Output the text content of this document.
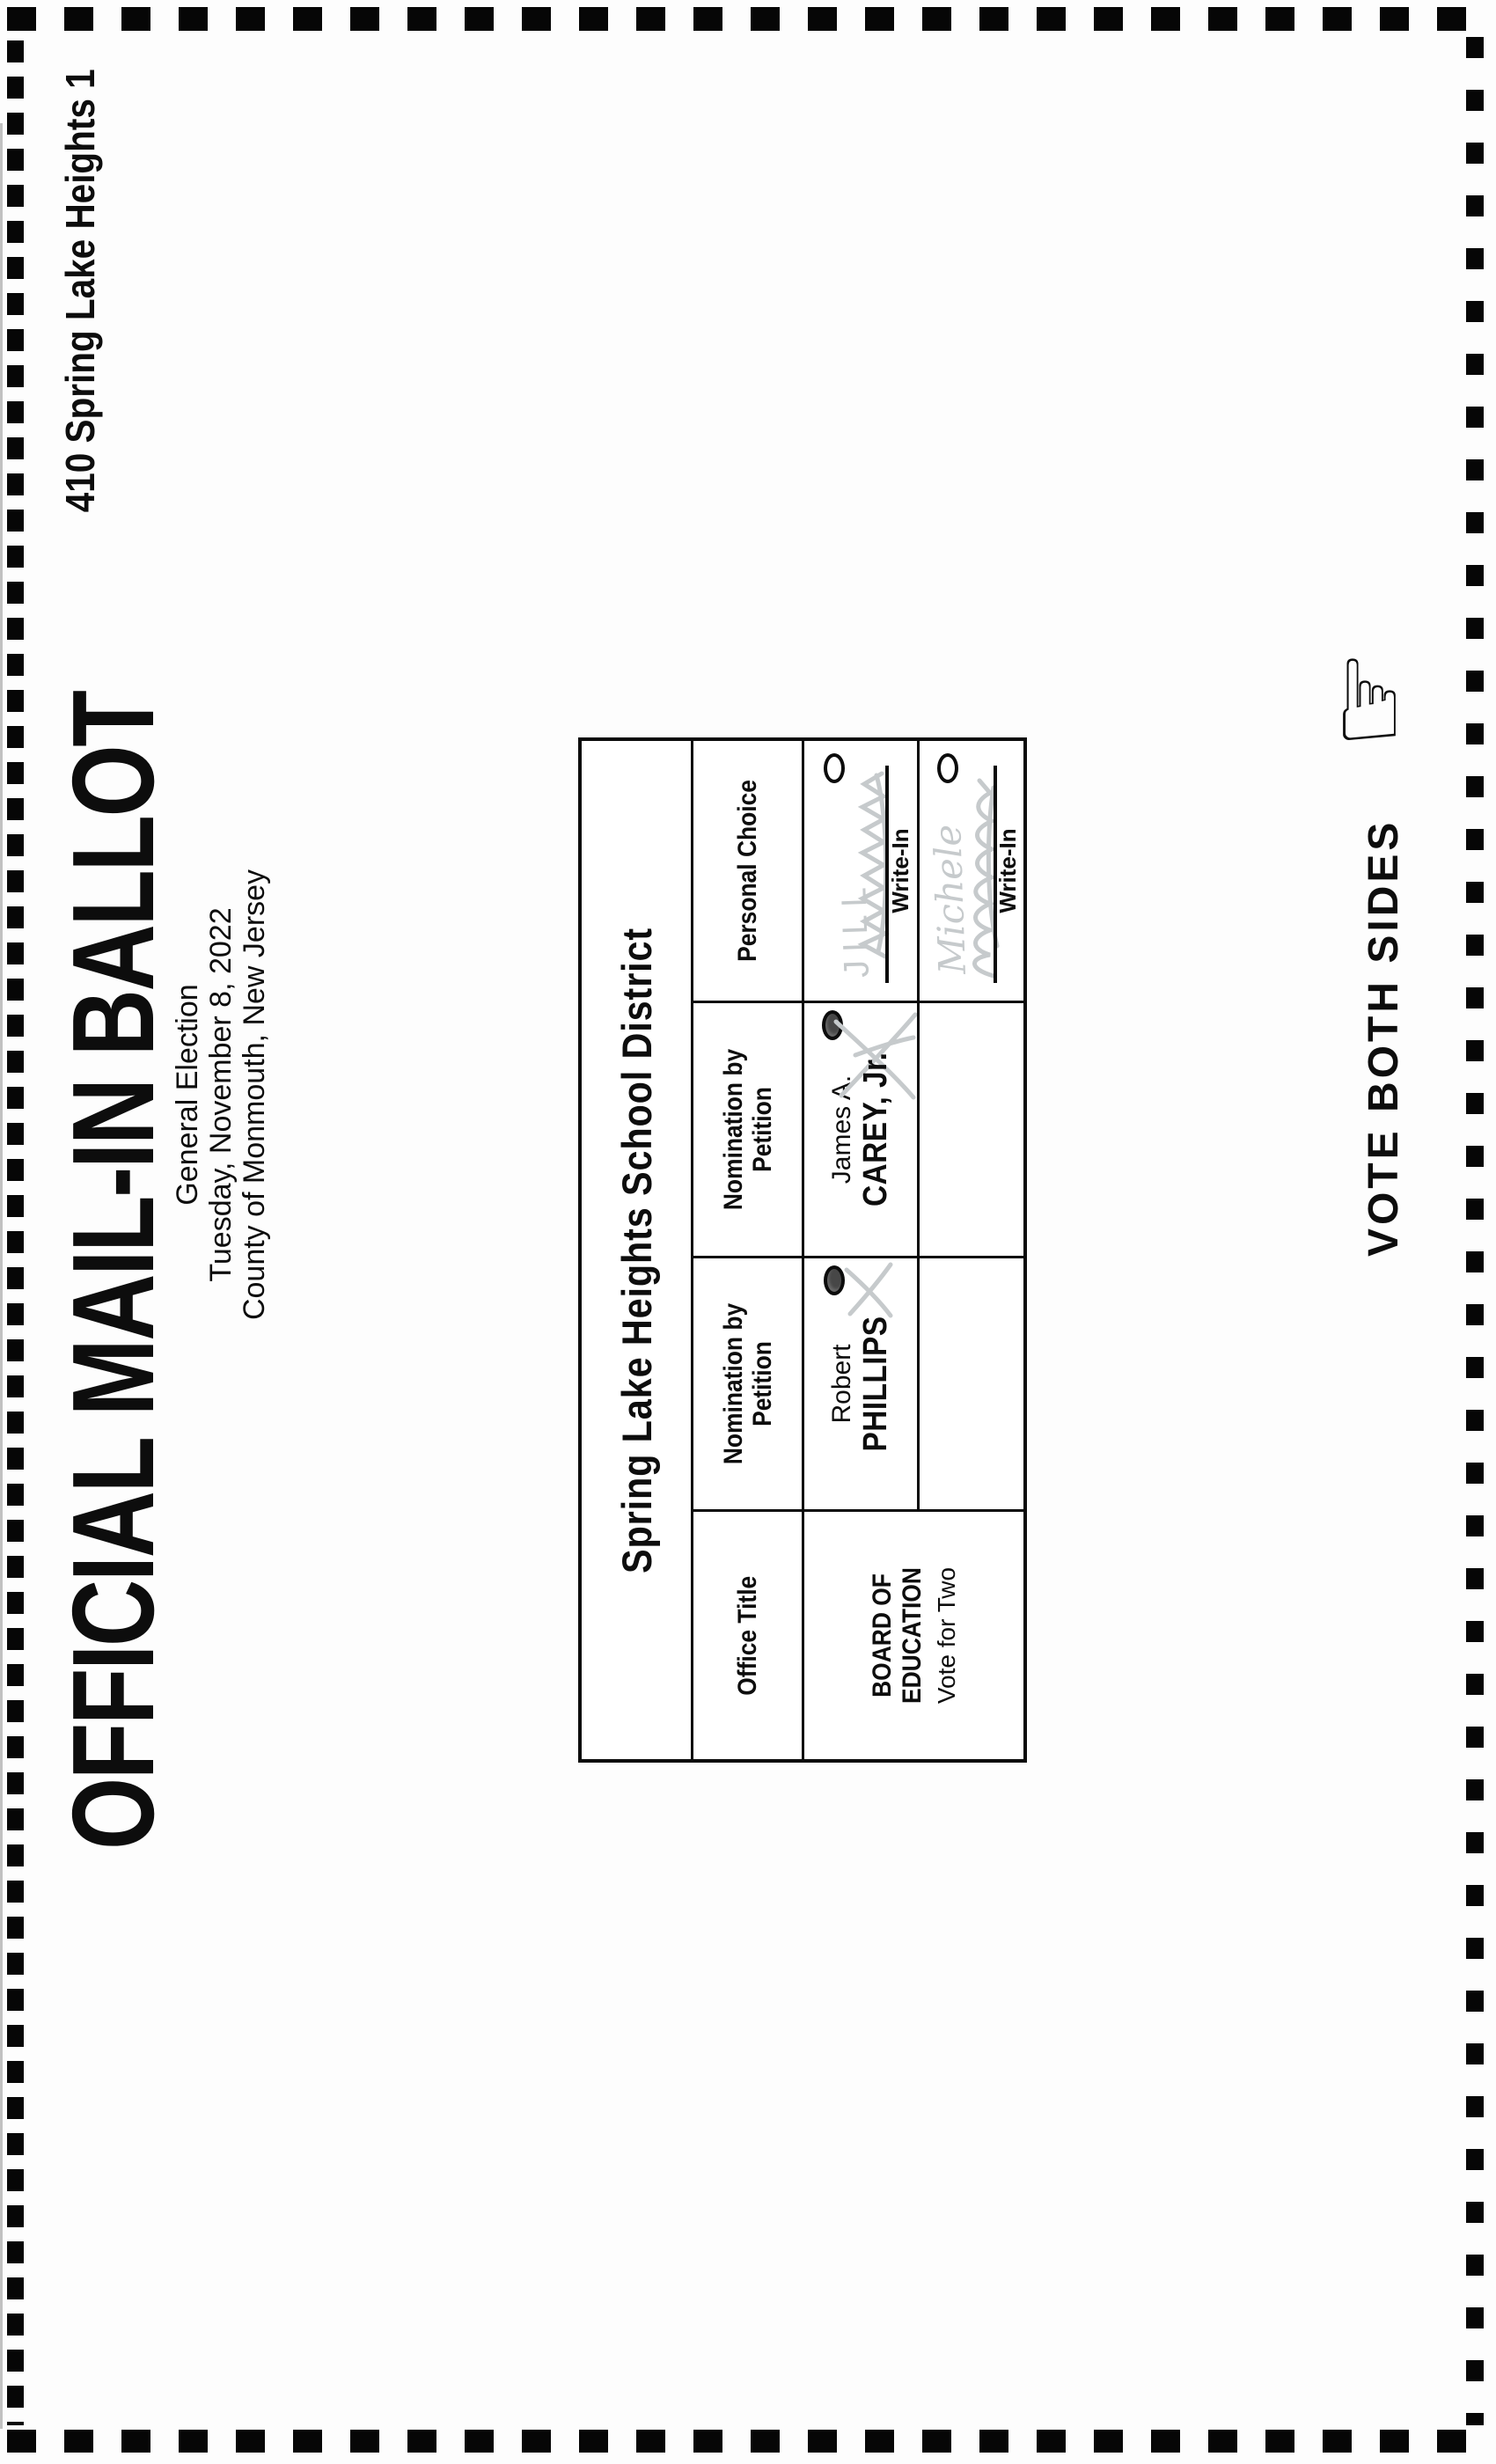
410 Spring Lake Heights 1
OFFICIAL MAIL-IN BALLOT
General Election Tuesday, November 8, 2022 County of Monmouth, New Jersey	Spring Lake Heights School District
Office Title
Nomination by Petition
Nomination by Petition
Personal Choice
BOARD OF EDUCATION Vote for Two
Robert PHILLIPS
James A. CAREY, Jr.
JILL
Write-In Michele Write-In	VOTE BOTH SIDES
☞
